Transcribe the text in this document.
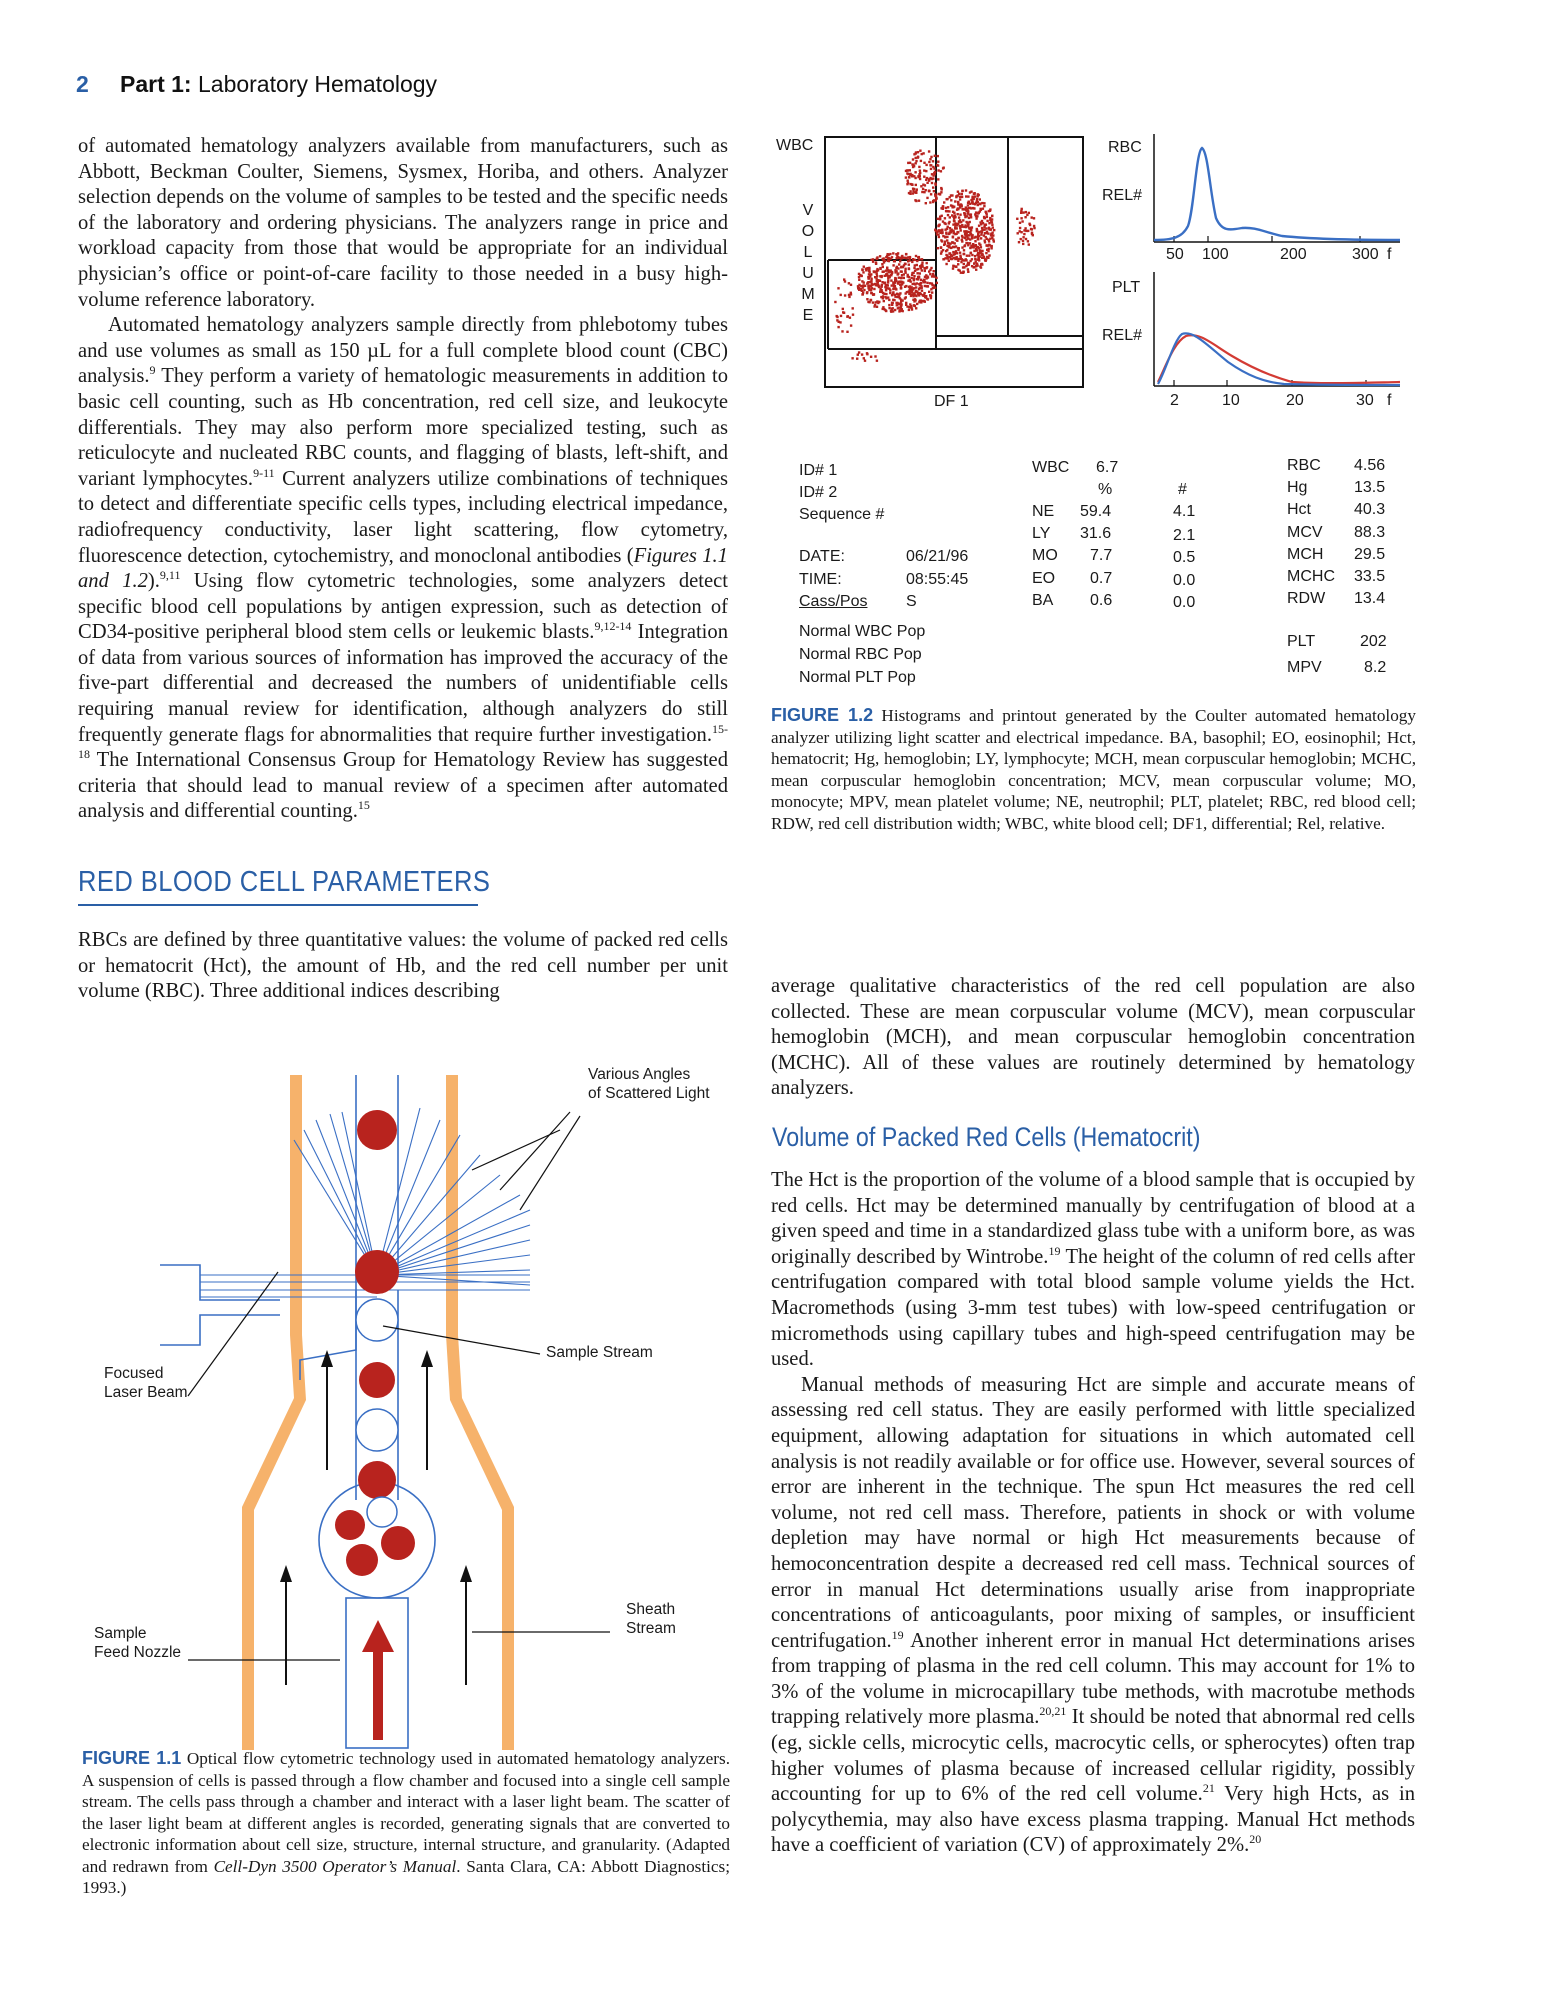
2 Part 1: Laboratory Hematology

of automated hematology analyzers available from manufacturers, such as Abbott, Beckman Coulter, Siemens, Sysmex, Horiba, and others. Analyzer selection depends on the volume of samples to be tested and the specific needs of the laboratory and ordering physicians. The analyzers range in price and workload capacity from those that would be appropriate for an individual physician’s office or point-of-care facility to those needed in a busy high-volume reference laboratory.

Automated hematology analyzers sample directly from phlebotomy tubes and use volumes as small as 150 µL for a full complete blood count (CBC) analysis.$^9$ They perform a variety of hematologic measurements in addition to basic cell counting, such as Hb concentration, red cell size, and leukocyte differentials. They may also perform more specialized testing, such as reticulocyte and nucleated RBC counts, and flagging of blasts, left-shift, and variant lymphocytes.$^{9-11}$ Current analyzers utilize combinations of techniques to detect and differentiate specific cells types, including electrical impedance, radiofrequency conductivity, laser light scattering, flow cytometry, fluorescence detection, cytochemistry, and monoclonal antibodies (Figures 1.1 and 1.2).$^{9,11}$ Using flow cytometric technologies, some analyzers detect specific blood cell populations by antigen expression, such as detection of CD34-positive peripheral blood stem cells or leukemic blasts.$^{9,12-14}$ Integration of data from various sources of information has improved the accuracy of the five-part differential and decreased the numbers of unidentifiable cells requiring manual review for identification, although analyzers do still frequently generate flags for abnormalities that require further investigation.$^{15-18}$ The International Consensus Group for Hematology Review has suggested criteria that should lead to manual review of a specimen after automated analysis and differential counting.$^{15}$

RED BLOOD CELL PARAMETERS

RBCs are defined by three quantitative values: the volume of packed red cells or hematocrit (Hct), the amount of Hb, and the red cell number per unit volume (RBC). Three additional indices describing

Various Angles
of Scattered Light
Focused
Laser Beam
Sample Stream
Sheath
Stream
Sample
Feed Nozzle
FIGURE 1.1 Optical flow cytometric technology used in automated hematology analyzers. A suspension of cells is passed through a flow chamber and focused into a single cell sample stream. The cells pass through a chamber and interact with a laser light beam. The scatter of the laser light beam at different angles is recorded, generating signals that are converted to electronic information about cell size, structure, internal structure, and granularity. (Adapted and redrawn from Cell-Dyn 3500 Operator’s Manual. Santa Clara, CA: Abbott Diagnostics; 1993.)
WBC
V
O
L
U
M
E
DF 1
RBC
REL#
50 100	200	300 f
PLT
REL#
2	10	20	30 f
ID# 1
ID# 2
Sequence #
DATE:	06/21/96
TIME:	08:55:45
Cass/Pos S
Normal WBC Pop
Normal RBC Pop
Normal PLT Pop
WBC 6.7
%	#
NE 59.4	4.1
LY 31.6	2.1
MO 7.7	0.5
EO 0.7	0.0
BA 0.6	0.0
RBC 4.56
Hg	13.5
Hct	40.3
MCV 88.3
MCH 29.5
MCHC 33.5
RDW 13.4
PLT	202
MPV	8.2
FIGURE 1.2 Histograms and printout generated by the Coulter automated hematology analyzer utilizing light scatter and electrical impedance. BA, basophil; EO, eosinophil; Hct, hematocrit; Hg, hemoglobin; LY, lymphocyte; MCH, mean corpuscular hemoglobin; MCHC, mean corpuscular hemoglobin concentration; MCV, mean corpuscular volume; MO, monocyte; MPV, mean platelet volume; NE, neutrophil; PLT, platelet; RBC, red blood cell; RDW, red cell distribution width; WBC, white blood cell; DF1, differential; Rel, relative.

average qualitative characteristics of the red cell population are also collected. These are mean corpuscular volume (MCV), mean corpuscular hemoglobin (MCH), and mean corpuscular hemoglobin concentration (MCHC). All of these values are routinely determined by hematology analyzers.

Volume of Packed Red Cells (Hematocrit)

The Hct is the proportion of the volume of a blood sample that is occupied by red cells. Hct may be determined manually by centrifugation of blood at a given speed and time in a standardized glass tube with a uniform bore, as was originally described by Wintrobe.$^{19}$ The height of the column of red cells after centrifugation compared with total blood sample volume yields the Hct. Macromethods (using 3-mm test tubes) with low-speed centrifugation or micromethods using capillary tubes and high-speed centrifugation may be used.

Manual methods of measuring Hct are simple and accurate means of assessing red cell status. They are easily performed with little specialized equipment, allowing adaptation for situations in which automated cell analysis is not readily available or for office use. However, several sources of error are inherent in the technique. The spun Hct measures the red cell volume, not red cell mass. Therefore, patients in shock or with volume depletion may have normal or high Hct measurements because of hemoconcentration despite a decreased red cell mass. Technical sources of error in manual Hct determinations usually arise from inappropriate concentrations of anticoagulants, poor mixing of samples, or insufficient centrifugation.$^{19}$ Another inherent error in manual Hct determinations arises from trapping of plasma in the red cell column. This may account for 1% to 3% of the volume in microcapillary tube methods, with macrotube methods trapping relatively more plasma.$^{20,21}$ It should be noted that abnormal red cells (eg, sickle cells, microcytic cells, macrocytic cells, or spherocytes) often trap higher volumes of plasma because of increased cellular rigidity, possibly accounting for up to 6% of the red cell volume.$^{21}$ Very high Hcts, as in polycythemia, may also have excess plasma trapping. Manual Hct methods have a coefficient of variation (CV) of approximately 2%.$^{20}$
